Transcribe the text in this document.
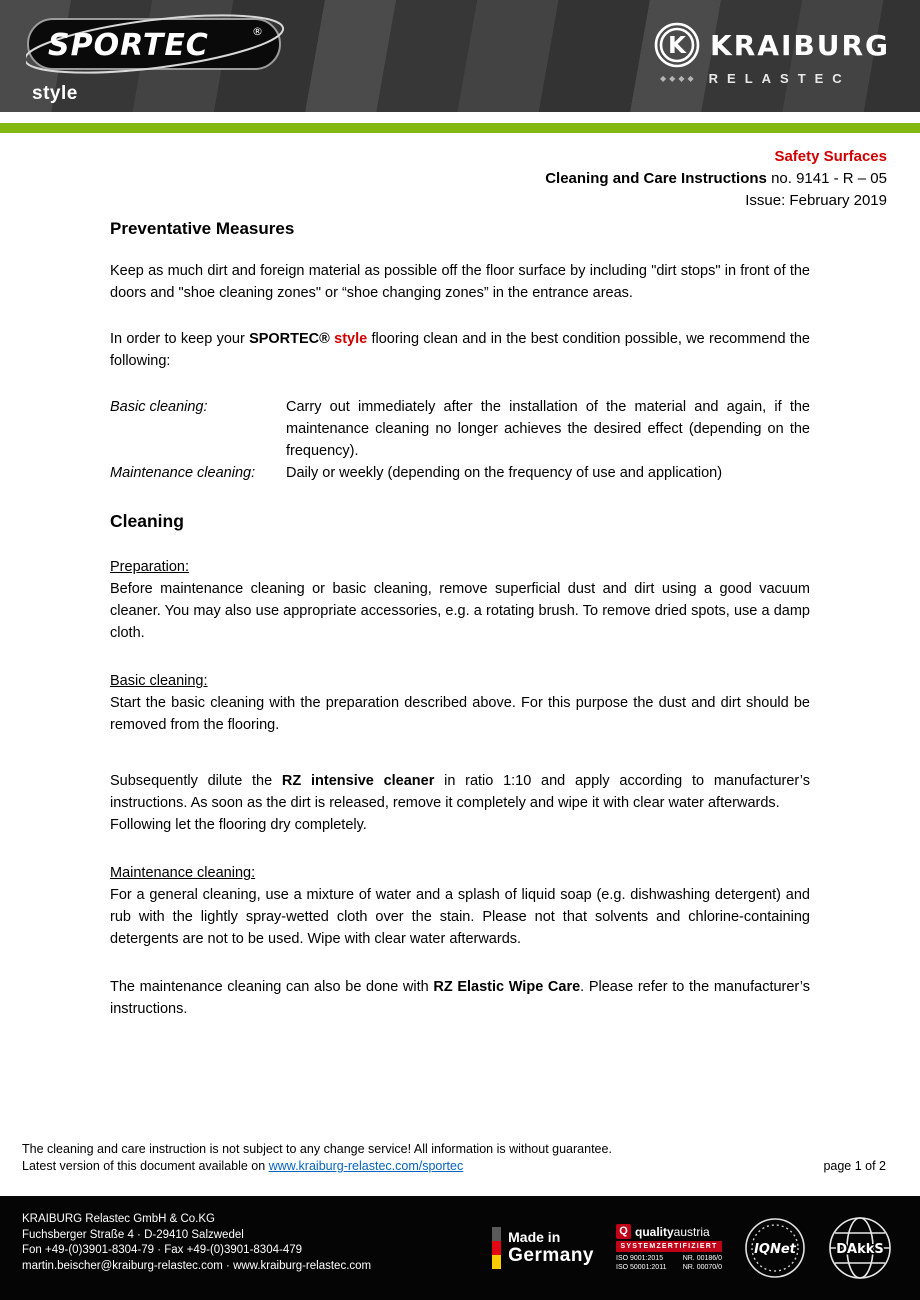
SPORTEC	®
style
K KRAIBURG
◆◆◆◆ RELASTEC
Safety Surfaces
Cleaning and Care Instructions no. 9141 - R – 05
Issue: February 2019
Preventative Measures

Keep as much dirt and foreign material as possible off the floor surface by including "dirt stops" in front of the doors and "shoe cleaning zones" or “shoe changing zones” in the entrance areas.

In order to keep your SPORTEC® style flooring clean and in the best condition possible, we recommend the following:

Basic cleaning:	Carry out immediately after the installation of the material and again, if the maintenance cleaning no longer achieves the desired effect (depending on the frequency).
Maintenance cleaning:	Daily or weekly (depending on the frequency of use and application)
Cleaning
Preparation:
Before maintenance cleaning or basic cleaning, remove superficial dust and dirt using a good vacuum cleaner. You may also use appropriate accessories, e.g. a rotating brush. To remove dried spots, use a damp cloth.
Basic cleaning:
Start the basic cleaning with the preparation described above. For this purpose the dust and dirt should be removed from the flooring.

Subsequently dilute the RZ intensive cleaner in ratio 1:10 and apply according to manufacturer’s instructions. As soon as the dirt is released, remove it completely and wipe it with clear water afterwards.

Following let the flooring dry completely.

Maintenance cleaning:
For a general cleaning, use a mixture of water and a splash of liquid soap (e.g. dishwashing detergent) and rub with the lightly spray-wetted cloth over the stain. Please not that solvents and chlorine-containing detergents are not to be used. Wipe with clear water afterwards.

The maintenance cleaning can also be done with RZ Elastic Wipe Care. Please refer to the manufacturer’s instructions.

The cleaning and care instruction is not subject to any change service! All information is without guarantee.
Latest version of this document available on www.kraiburg-relastec.com/sportec	page 1 of 2
KRAIBURG Relastec GmbH & Co.KG
Fuchsberger Straße 4 · D-29410 Salzwedel
Fon +49-(0)3901-8304-79 · Fax +49-(0)3901-8304-479
martin.beischer@kraiburg-relastec.com · www.kraiburg-relastec.com
Made in
Germany
Q qualityaustria
SYSTEMZERTIFIZIERT
ISO 9001:2015	NR. 00186/0
ISO 50001:2011 NR. 00070/0
IQNet	DAkkS
